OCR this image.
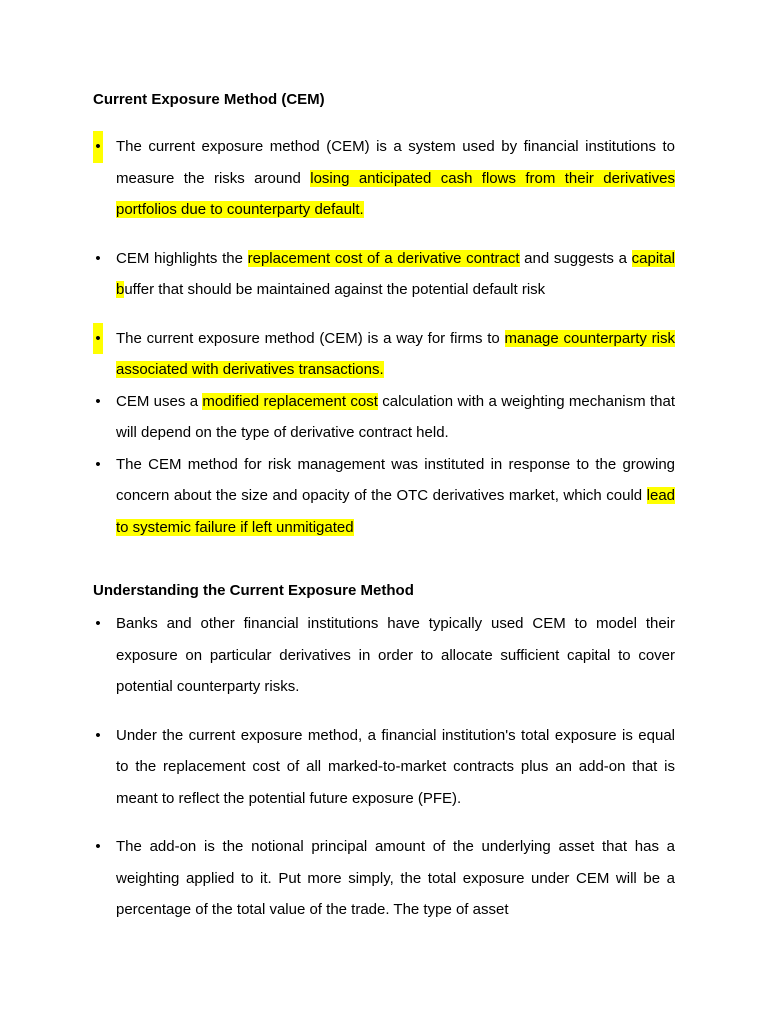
Current Exposure Method (CEM)
• The current exposure method (CEM) is a system used by financial institutions to measure the risks around losing anticipated cash flows from their derivatives portfolios due to counterparty default.
• CEM highlights the replacement cost of a derivative contract and suggests a capital buffer that should be maintained against the potential default risk
• The current exposure method (CEM) is a way for firms to manage counterparty risk associated with derivatives transactions.
• CEM uses a modified replacement cost calculation with a weighting mechanism that will depend on the type of derivative contract held.
• The CEM method for risk management was instituted in response to the growing concern about the size and opacity of the OTC derivatives market, which could lead to systemic failure if left unmitigated
Understanding the Current Exposure Method
• Banks and other financial institutions have typically used CEM to model their exposure on particular derivatives in order to allocate sufficient capital to cover potential counterparty risks.
• Under the current exposure method, a financial institution's total exposure is equal to the replacement cost of all marked-to-market contracts plus an add-on that is meant to reflect the potential future exposure (PFE).
• The add-on is the notional principal amount of the underlying asset that has a weighting applied to it. Put more simply, the total exposure under CEM will be a percentage of the total value of the trade. The type of asset
